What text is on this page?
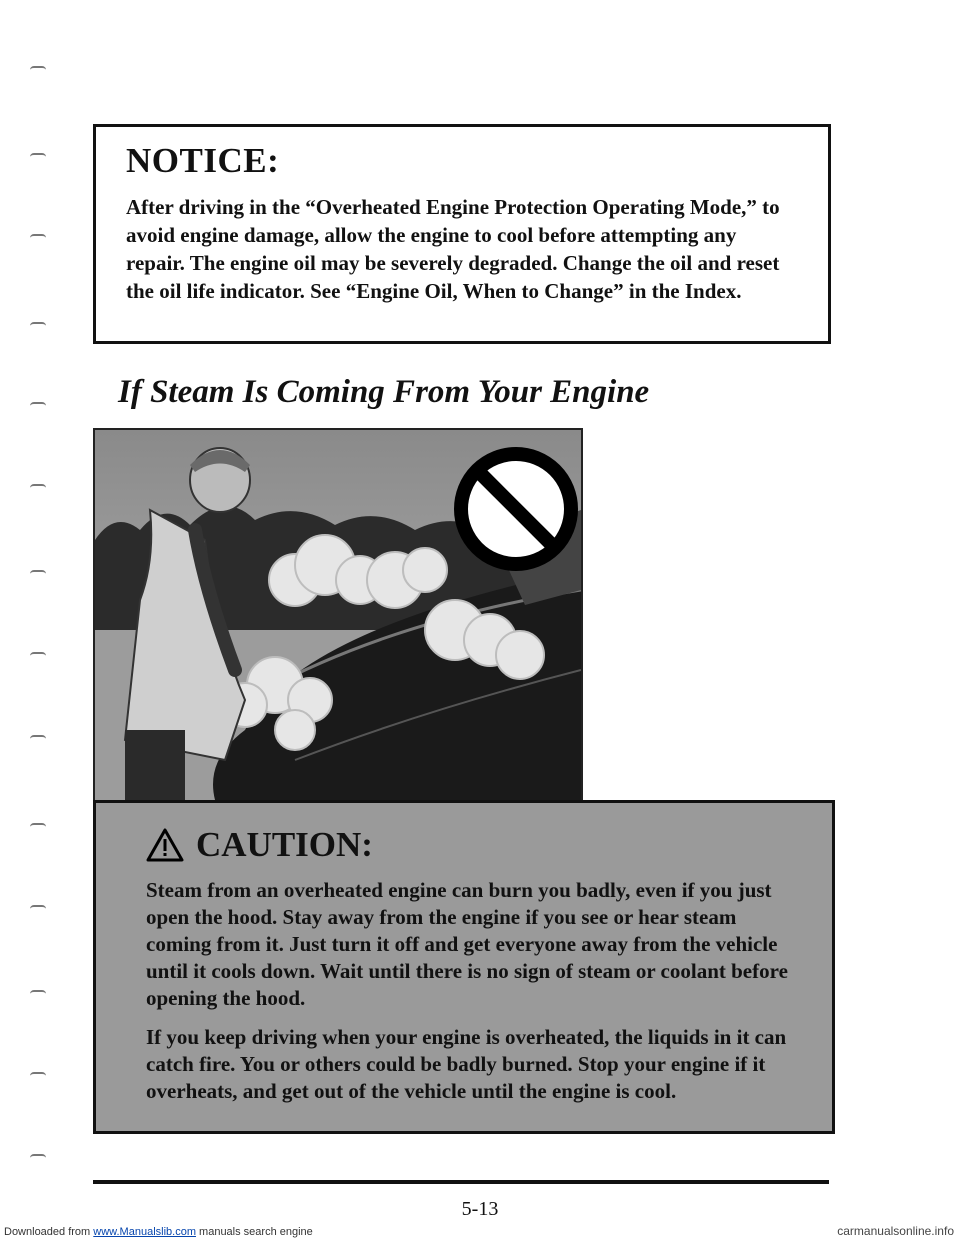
NOTICE:

After driving in the “Overheated Engine Protection Operating Mode,” to avoid engine damage, allow the engine to cool before attempting any repair. The engine oil may be severely degraded. Change the oil and reset the oil life indicator. See “Engine Oil, When to Change” in the Index.

If Steam Is Coming From Your Engine
CAUTION:

Steam from an overheated engine can burn you badly, even if you just open the hood. Stay away from the engine if you see or hear steam coming from it. Just turn it off and get everyone away from the vehicle until it cools down. Wait until there is no sign of steam or coolant before opening the hood.

If you keep driving when your engine is overheated, the liquids in it can catch fire. You or others could be badly burned. Stop your engine if it overheats, and get out of the vehicle until the engine is cool.

5-13

Downloaded from www.Manualslib.com manuals search engine	carmanualsonline.info
